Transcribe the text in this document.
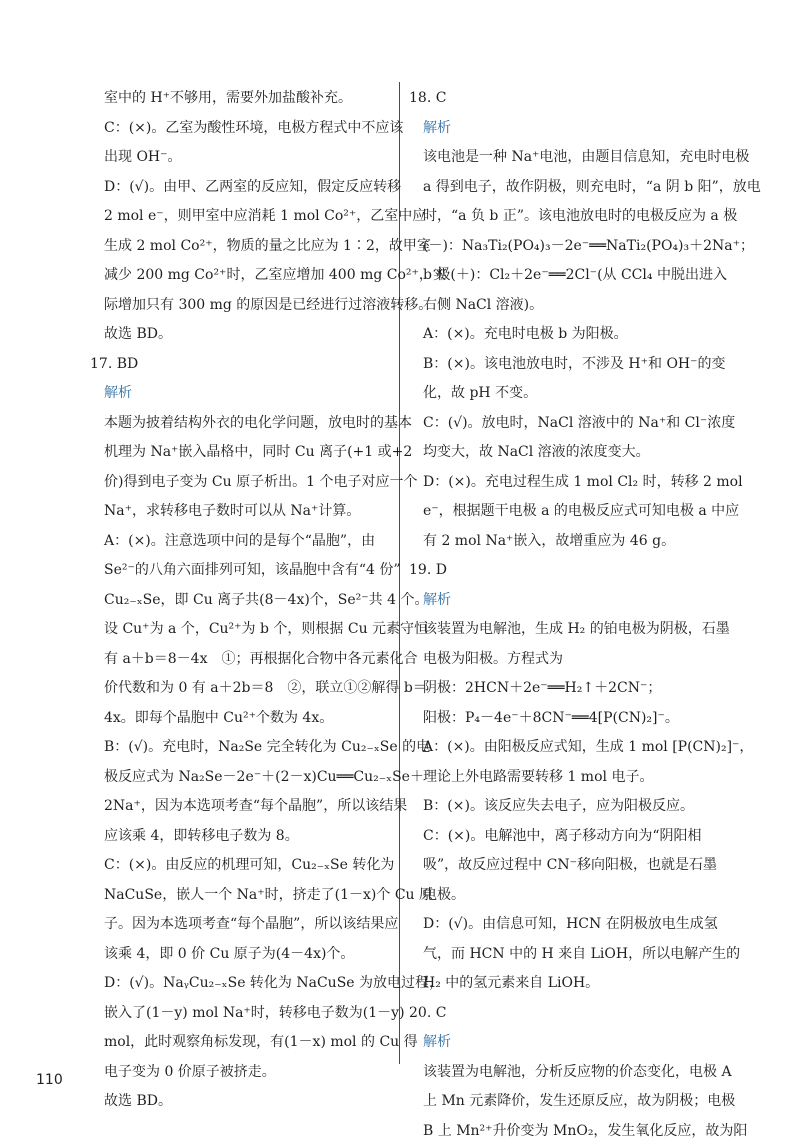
室中的 H⁺不够用，需要外加盐酸补充。
C：(×)。乙室为酸性环境，电极方程式中不应该
出现 OH⁻。
D：(√)。由甲、乙两室的反应知，假定反应转移
2 mol e⁻，则甲室中应消耗 1 mol Co²⁺，乙室中应
生成 2 mol Co²⁺，物质的量之比应为 1∶2，故甲室
减少 200 mg Co²⁺时，乙室应增加 400 mg Co²⁺，实
际增加只有 300 mg 的原因是已经进行过溶液转移。
故选 BD。
17. BD
解析
本题为披着结构外衣的电化学问题，放电时的基本
机理为 Na⁺嵌入晶格中，同时 Cu 离子(+1 或+2
价)得到电子变为 Cu 原子析出。1 个电子对应一个
Na⁺，求转移电子数时可以从 Na⁺计算。
A：(×)。注意选项中问的是每个“晶胞”，由
Se²⁻的八角六面排列可知，该晶胞中含有“4 份”
Cu₂₋ₓSe，即 Cu 离子共(8－4x)个，Se²⁻共 4 个。
设 Cu⁺为 a 个，Cu²⁺为 b 个，则根据 Cu 元素守恒
有 a＋b＝8－4x　①；再根据化合物中各元素化合
价代数和为 0 有 a＋2b＝8　②，联立①②解得 b＝
4x。即每个晶胞中 Cu²⁺个数为 4x。
B：(√)。充电时，Na₂Se 完全转化为 Cu₂₋ₓSe 的电
极反应式为 Na₂Se－2e⁻＋(2－x)Cu══Cu₂₋ₓSe＋
2Na⁺，因为本选项考查“每个晶胞”，所以该结果
应该乘 4，即转移电子数为 8。
C：(×)。由反应的机理可知，Cu₂₋ₓSe 转化为
NaCuSe，嵌人一个 Na⁺时，挤走了(1－x)个 Cu 原
子。因为本选项考查“每个晶胞”，所以该结果应
该乘 4，即 0 价 Cu 原子为(4－4x)个。
D：(√)。NaᵧCu₂₋ₓSe 转化为 NaCuSe 为放电过程，
嵌入了(1－y) mol Na⁺时，转移电子数为(1－y)
mol，此时观察角标发现，有(1－x) mol 的 Cu 得
电子变为 0 价原子被挤走。
故选 BD。
18. C
解析
该电池是一种 Na⁺电池，由题目信息知，充电时电极
a 得到电子，故作阴极，则充电时，“a 阴 b 阳”，放电
时，“a 负 b 正”。该电池放电时的电极反应为 a 极
(－)：Na₃Ti₂(PO₄)₃－2e⁻══NaTi₂(PO₄)₃＋2Na⁺；
b 极(＋)：Cl₂＋2e⁻══2Cl⁻(从 CCl₄ 中脱出进入
右侧 NaCl 溶液)。
A：(×)。充电时电极 b 为阳极。
B：(×)。该电池放电时，不涉及 H⁺和 OH⁻的变
化，故 pH 不变。
C：(√)。放电时，NaCl 溶液中的 Na⁺和 Cl⁻浓度
均变大，故 NaCl 溶液的浓度变大。
D：(×)。充电过程生成 1 mol Cl₂ 时，转移 2 mol
e⁻，根据题干电极 a 的电极反应式可知电极 a 中应
有 2 mol Na⁺嵌入，故增重应为 46 g。
19. D
解析
该装置为电解池，生成 H₂ 的铂电极为阴极，石墨
电极为阳极。方程式为
阴极：2HCN＋2e⁻══H₂↑＋2CN⁻；
阳极：P₄－4e⁻＋8CN⁻══4[P(CN)₂]⁻。
A：(×)。由阳极反应式知，生成 1 mol [P(CN)₂]⁻，
理论上外电路需要转移 1 mol 电子。
B：(×)。该反应失去电子，应为阳极反应。
C：(×)。电解池中，离子移动方向为“阴阳相
吸”，故反应过程中 CN⁻移向阳极，也就是石墨
电极。
D：(√)。由信息可知，HCN 在阴极放电生成氢
气，而 HCN 中的 H 来自 LiOH，所以电解产生的
H₂ 中的氢元素来自 LiOH。
20. C
解析
该装置为电解池，分析反应物的价态变化，电极 A
上 Mn 元素降价，发生还原反应，故为阴极；电极
B 上 Mn²⁺升价变为 MnO₂，发生氧化反应，故为阳
110
